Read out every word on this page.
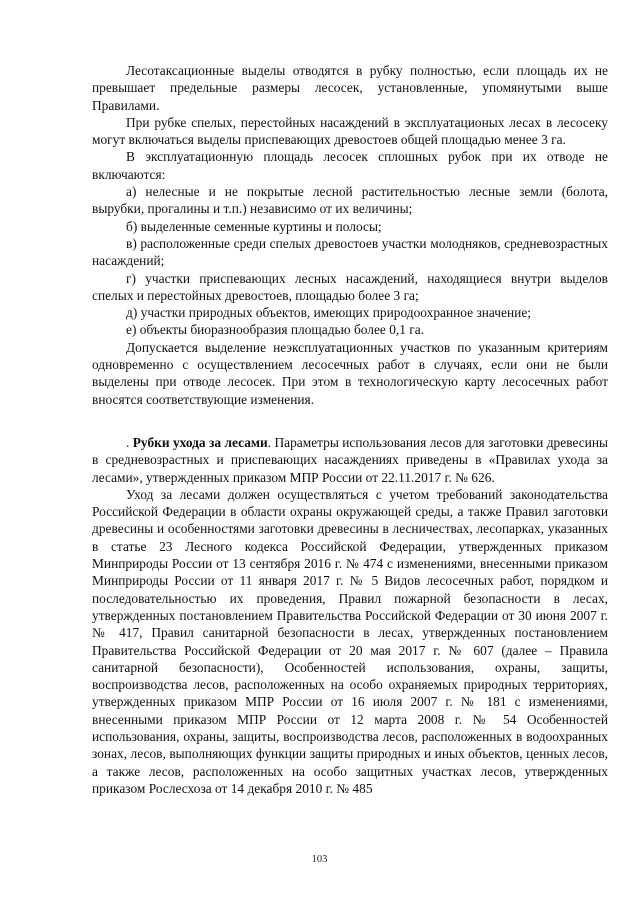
Лесотаксационные выделы отводятся в рубку полностью, если площадь их не превышает предельные размеры лесосек, установленные, упомянутыми выше Правилами.

При рубке спелых, перестойных насаждений в эксплуатационых лесах в лесосеку могут включаться выделы приспевающих древостоев общей площадью менее 3 га.

В эксплуатационную площадь лесосек сплошных рубок при их отводе не включаются:

а) нелесные и не покрытые лесной растительностью лесные земли (болота, вырубки, прогалины и т.п.) независимо от их величины;

б) выделенные семенные куртины и полосы;

в) расположенные среди спелых древостоев участки молодняков, средневозрастных насаждений;

г) участки приспевающих лесных насаждений, находящиеся внутри выделов спелых и перестойных древостоев, площадью более 3 га;

д) участки природных объектов, имеющих природоохранное значение;

е) объекты биоразнообразия площадью более 0,1 га.

Допускается выделение неэксплуатационных участков по указанным критериям одновременно с осуществлением лесосечных работ в случаях, если они не были выделены при отводе лесосек. При этом в технологическую карту лесосечных работ вносятся соответствующие изменения.

. Рубки ухода за лесами. Параметры использования лесов для заготовки древесины в средневозрастных и приспевающих насаждениях приведены в «Правилах ухода за лесами», утвержденных приказом МПР России от 22.11.2017 г. № 626.

Уход за лесами должен осуществляться с учетом требований законодательства Российской Федерации в области охраны окружающей среды, а также Правил заготовки древесины и особенностями заготовки древесины в лесничествах, лесопарках, указанных в статье 23 Лесного кодекса Российской Федерации, утвержденных приказом Минприроды России от 13 сентября 2016 г. № 474 с изменениями, внесенными приказом Минприроды России от 11 января 2017 г. № 5 Видов лесосечных работ, порядком и последовательностью их проведения, Правил пожарной безопасности в лесах, утвержденных постановлением Правительства Российской Федерации от 30 июня 2007 г. № 417, Правил санитарной безопасности в лесах, утвержденных постановлением Правительства Российской Федерации от 20 мая 2017 г. № 607 (далее – Правила санитарной безопасности), Особенностей использования, охраны, защиты, воспроизводства лесов, расположенных на особо охраняемых природных территориях, утвержденных приказом МПР России от 16 июля 2007 г. № 181 с изменениями, внесенными приказом МПР России от 12 марта 2008 г. № 54 Особенностей использования, охраны, защиты, воспроизводства лесов, расположенных в водоохранных зонах, лесов, выполняющих функции защиты природных и иных объектов, ценных лесов, а также лесов, расположенных на особо защитных участках лесов, утвержденных приказом Рослесхоза от 14 декабря 2010 г. № 485

103
